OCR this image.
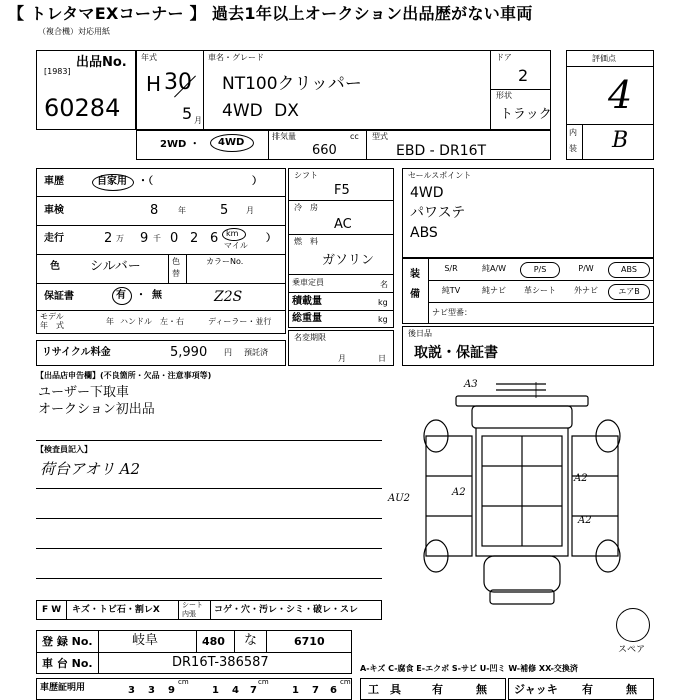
【 トレタマEXコーナー 】 過去1年以上オークション出品歴がない車両
（複合機）対応用紙
出品No.
[1983]
60284
年式
H 30
5 月
車名・グレード
NT100クリッパー
4WD DX
ドア
2
形状
トラック
評価点
4
内
装 B
2WD ・ 4WD
排気量	cc
660
型式
EBD - DR16T
車歴	自家用 ・（	）
車検	8 年	5 月
走行	2 万 9 千 0 2 6 km
マイル
）
色 シルバー	色
替
カラーNo.
保証書	有 ・ 無	Z2S
モデル
年　式	年 ハンドル　左・右	ディーラー・並行
リサイクル料金	5,990 円 預託済
シフト
F5
冷　房
AC
燃　料
ガソリン
乗車定員	名
積載量	kg
総重量	kg
名変期限
月	日
セールスポイント
4WD
パワステ
ABS
装
備
S/R	純A/W	P/S	P/W	ABS
純TV	純ナビ	革シート	外ナビ	エアB
ナビ型番：
後日品
取説・保証書
【出品店申告欄】(不良箇所・欠品・注意事項等)
ユーザー下取車
オークション初出品
【検査員記入】
荷台アオリ A2
A3
AU2
A2
A2
A2
スペア
F W キズ・トビ石・割レX	シート
内張 コゲ・穴・汚レ・シミ・破レ・スレ
登 録 No.	岐阜	480 な	6710
車 台 No.	DR16T-386587	A-キズ C-腐食 E-エクボ S-サビ U-凹ミ W-補修 XX-交換済
車歴証明用	3 3 9
cm
1 4 7
cm
1 7 6
cm
工　具	有	無 ジャッキ 有	無
